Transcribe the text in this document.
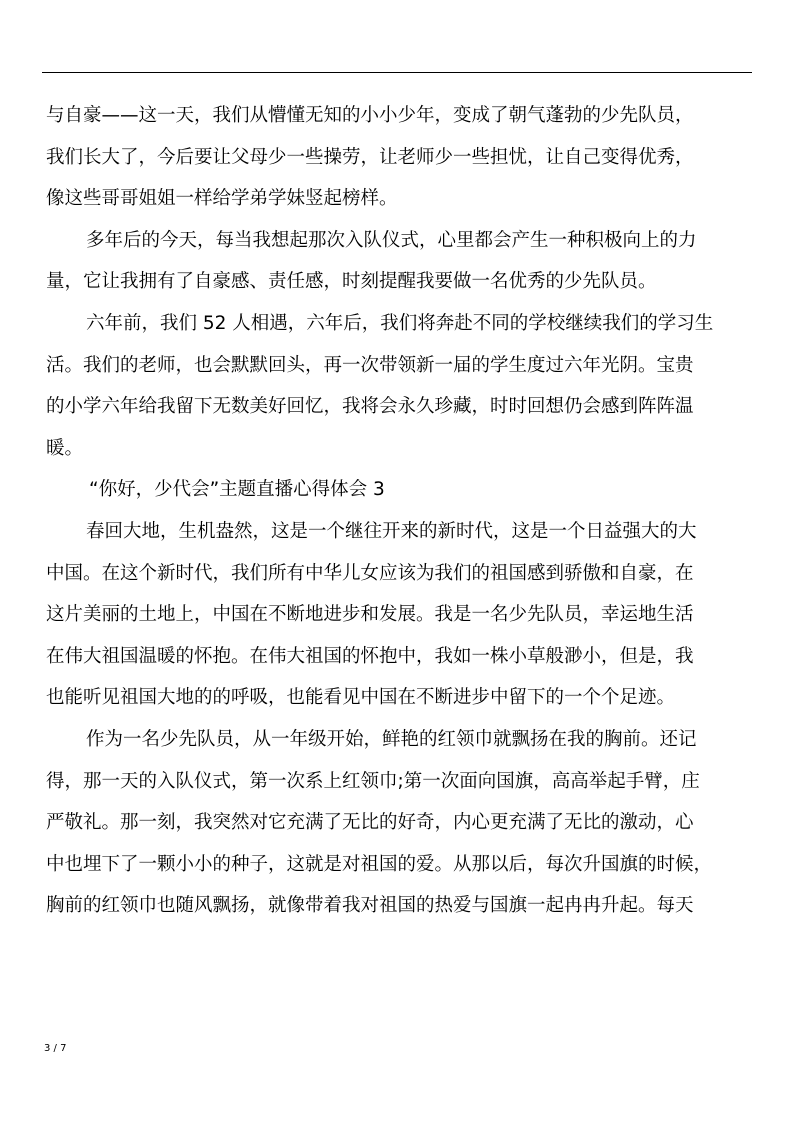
与自豪——这一天，我们从懵懂无知的小小少年，变成了朝气蓬勃的少先队员，
我们长大了，今后要让父母少一些操劳，让老师少一些担忧，让自己变得优秀，
像这些哥哥姐姐一样给学弟学妹竖起榜样。
多年后的今天，每当我想起那次入队仪式，心里都会产生一种积极向上的力
量，它让我拥有了自豪感、责任感，时刻提醒我要做一名优秀的少先队员。
六年前，我们 52 人相遇，六年后，我们将奔赴不同的学校继续我们的学习生
活。我们的老师，也会默默回头，再一次带领新一届的学生度过六年光阴。宝贵
的小学六年给我留下无数美好回忆，我将会永久珍藏，时时回想仍会感到阵阵温
暖。
“你好，少代会”主题直播心得体会 3
春回大地，生机盎然，这是一个继往开来的新时代，这是一个日益强大的大
中国。在这个新时代，我们所有中华儿女应该为我们的祖国感到骄傲和自豪，在
这片美丽的土地上，中国在不断地进步和发展。我是一名少先队员，幸运地生活
在伟大祖国温暖的怀抱。在伟大祖国的怀抱中，我如一株小草般渺小，但是，我
也能听见祖国大地的的呼吸，也能看见中国在不断进步中留下的一个个足迹。
作为一名少先队员，从一年级开始，鲜艳的红领巾就飘扬在我的胸前。还记
得，那一天的入队仪式，第一次系上红领巾;第一次面向国旗，高高举起手臂，庄
严敬礼。那一刻，我突然对它充满了无比的好奇，内心更充满了无比的激动，心
中也埋下了一颗小小的种子，这就是对祖国的爱。从那以后，每次升国旗的时候，
胸前的红领巾也随风飘扬，就像带着我对祖国的热爱与国旗一起冉冉升起。每天
3 / 7
